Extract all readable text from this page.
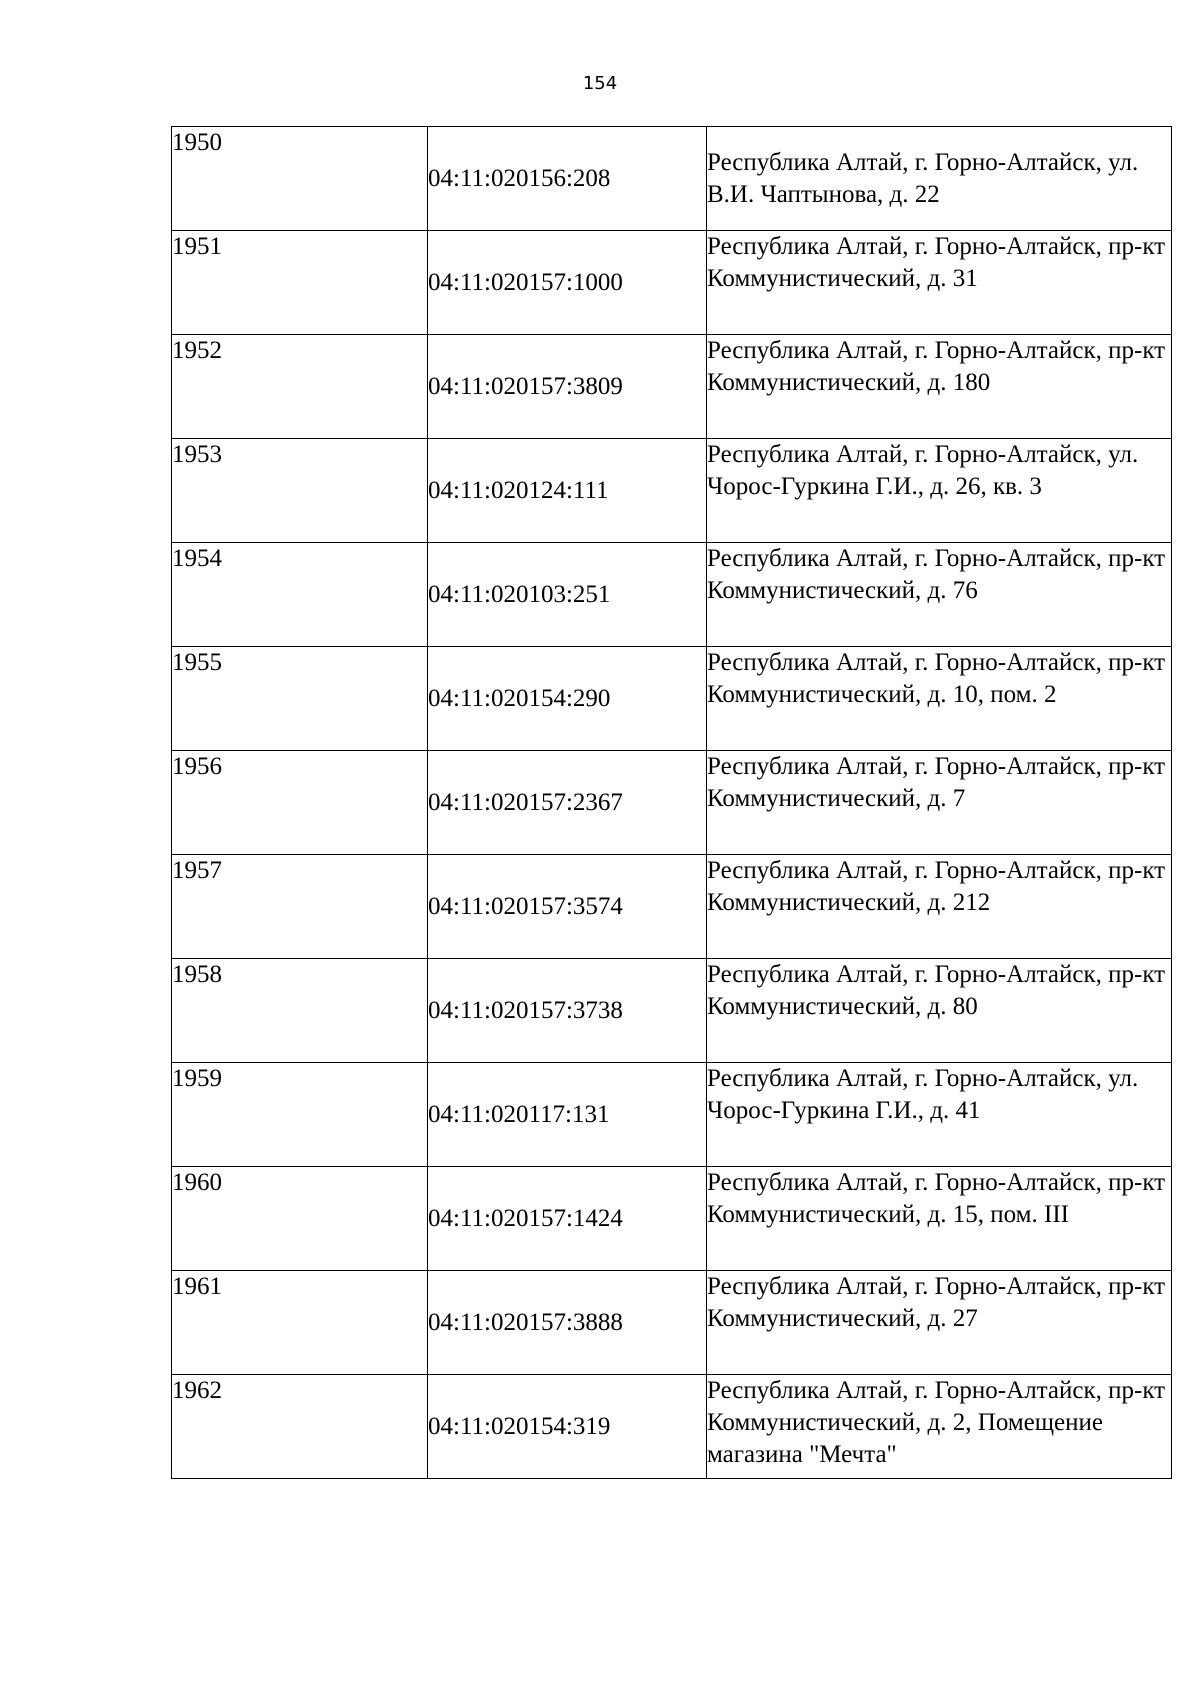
154
1950	04:11:020156:208	Республика Алтай, г. Горно-Алтайск, ул. В.И. Чаптынова, д. 22
1951	04:11:020157:1000	Республика Алтай, г. Горно-Алтайск, пр-кт Коммунистический, д. 31
1952	04:11:020157:3809	Республика Алтай, г. Горно-Алтайск, пр-кт Коммунистический, д. 180
1953	04:11:020124:111	Республика Алтай, г. Горно-Алтайск, ул. Чорос-Гуркина Г.И., д. 26, кв. 3
1954	04:11:020103:251	Республика Алтай, г. Горно-Алтайск, пр-кт Коммунистический, д. 76
1955	04:11:020154:290	Республика Алтай, г. Горно-Алтайск, пр-кт Коммунистический, д. 10, пом. 2
1956	04:11:020157:2367	Республика Алтай, г. Горно-Алтайск, пр-кт Коммунистический, д. 7
1957	04:11:020157:3574	Республика Алтай, г. Горно-Алтайск, пр-кт Коммунистический, д. 212
1958	04:11:020157:3738	Республика Алтай, г. Горно-Алтайск, пр-кт Коммунистический, д. 80
1959	04:11:020117:131	Республика Алтай, г. Горно-Алтайск, ул. Чорос-Гуркина Г.И., д. 41
1960	04:11:020157:1424	Республика Алтай, г. Горно-Алтайск, пр-кт Коммунистический, д. 15, пом. III
1961	04:11:020157:3888	Республика Алтай, г. Горно-Алтайск, пр-кт Коммунистический, д. 27
1962	04:11:020154:319	Республика Алтай, г. Горно-Алтайск, пр-кт Коммунистический, д. 2, Помещение магазина "Мечта"
